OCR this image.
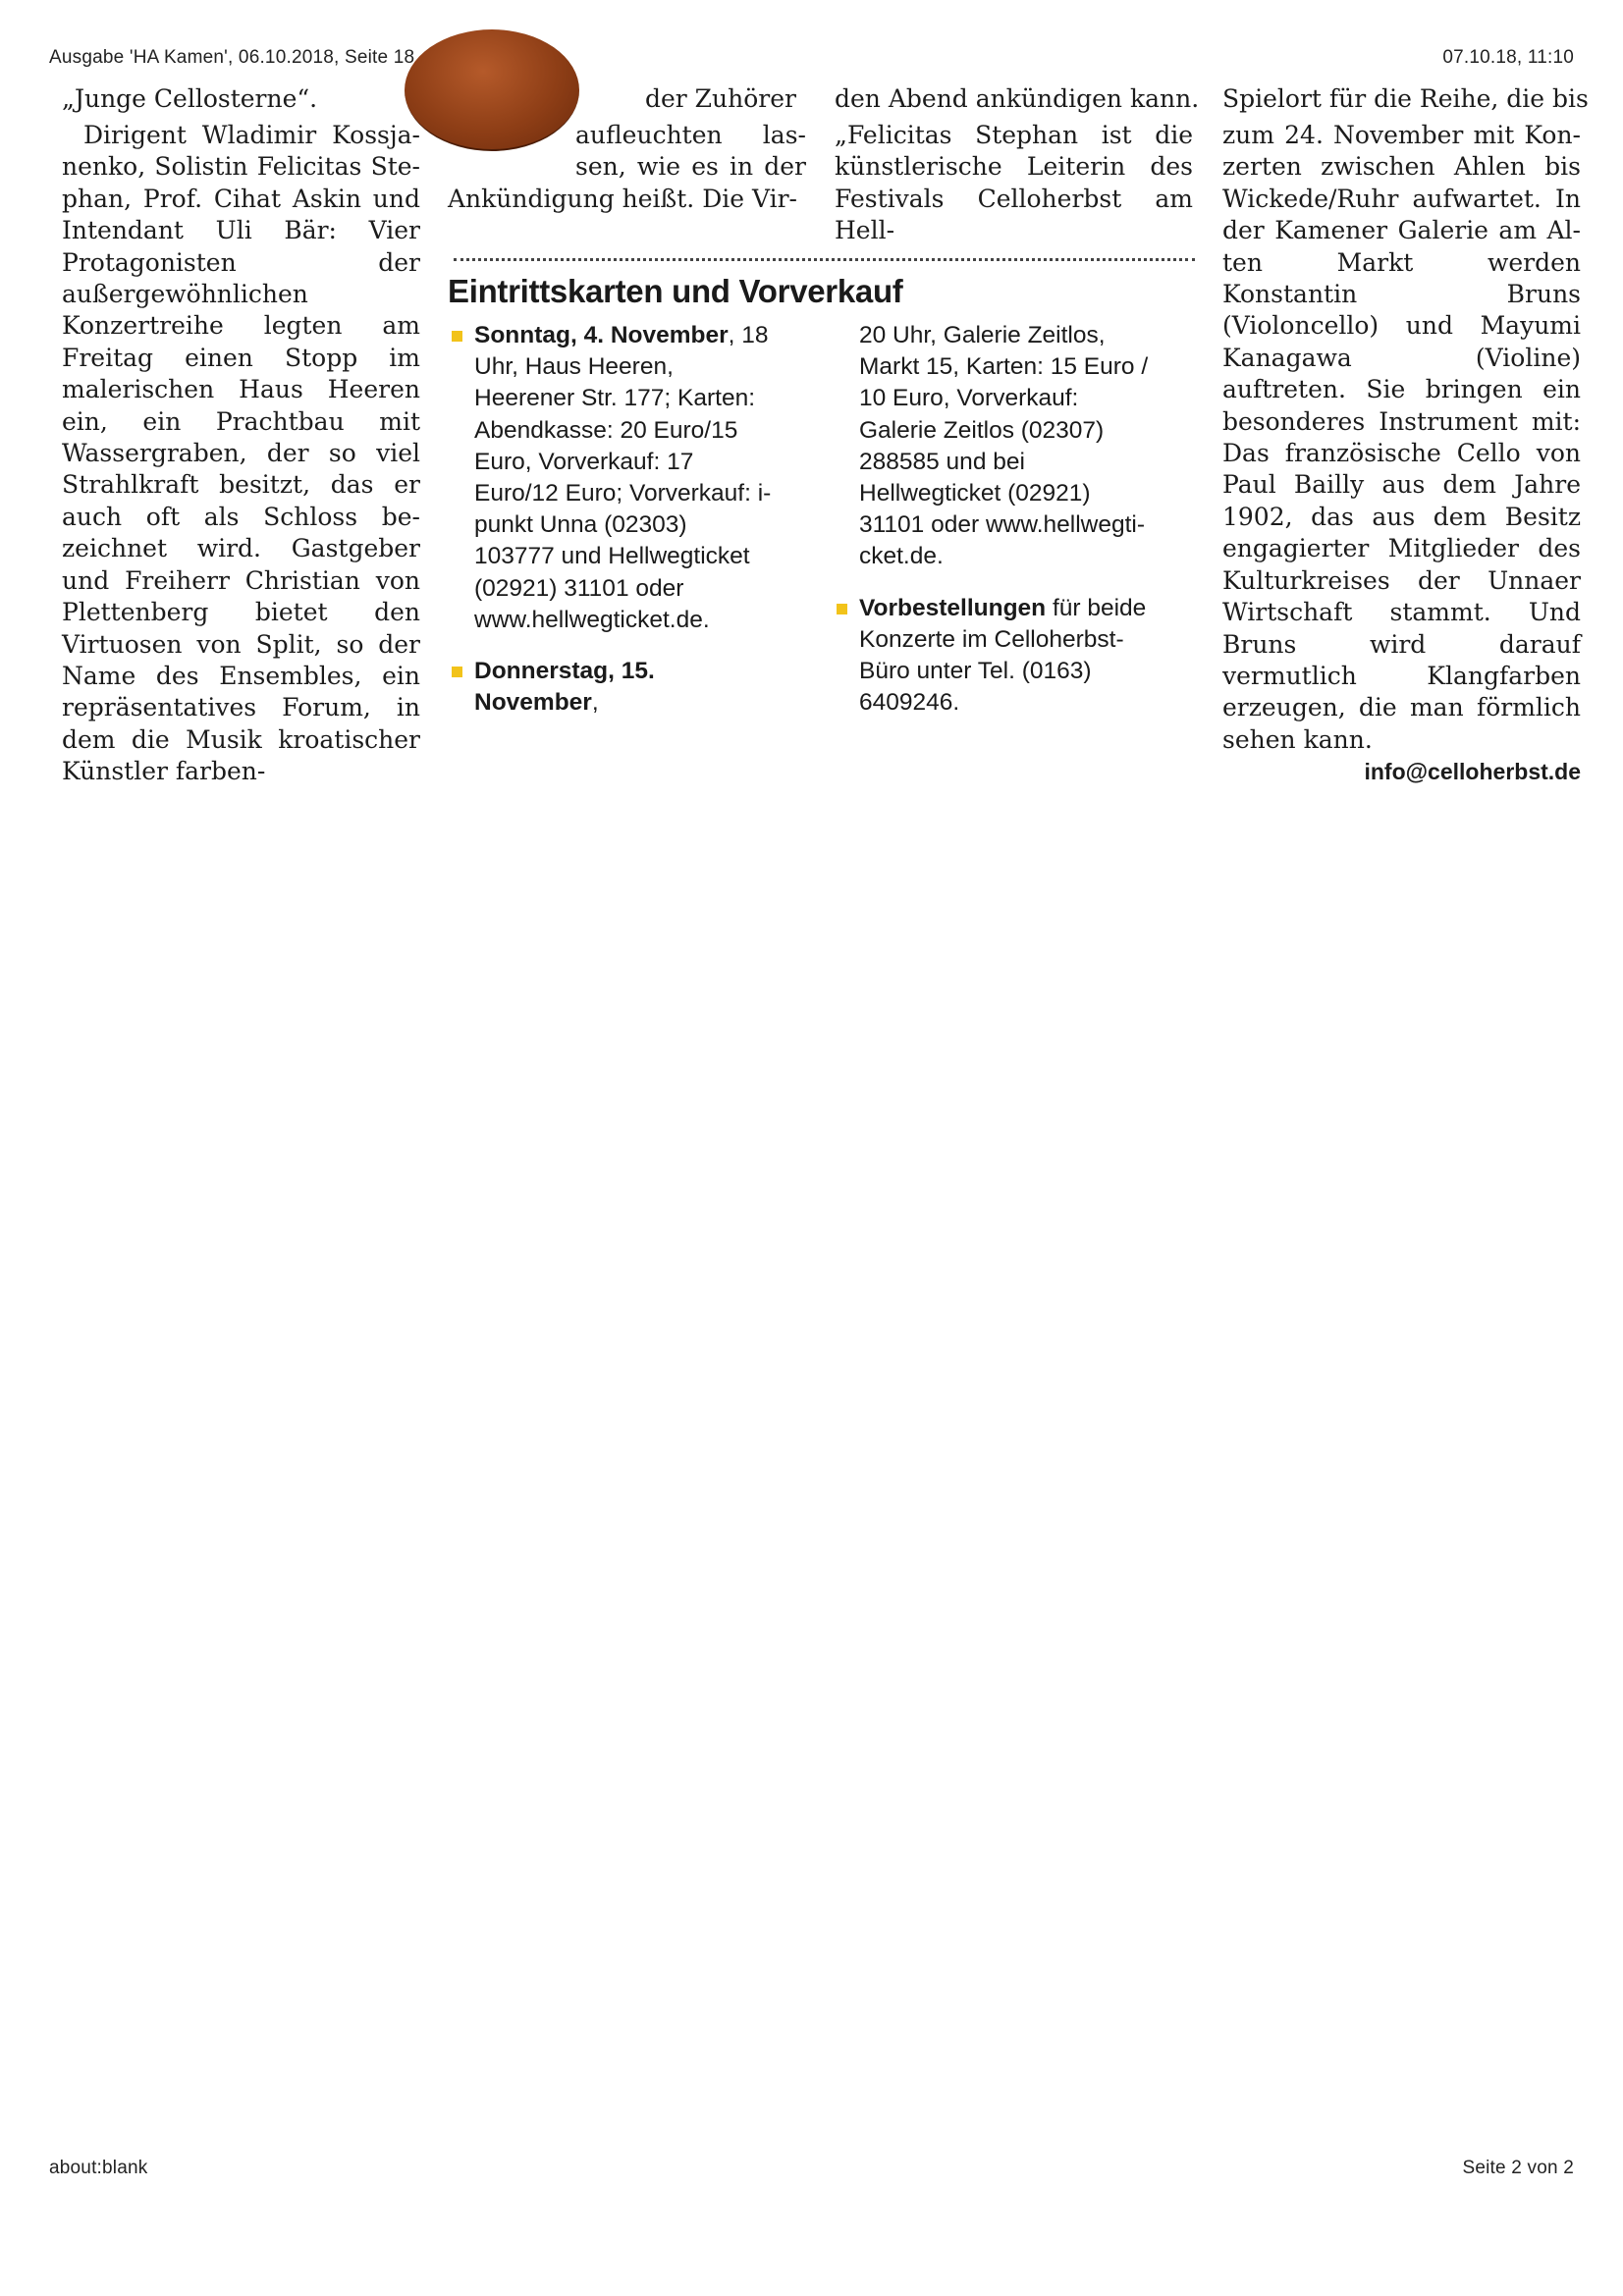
Ausgabe 'HA Kamen', 06.10.2018, Seite 18	07.10.18, 11:10
„Junge Cellosterne“.
Dirigent Wladimir Kossjanenko, Solistin Felicitas Stephan, Prof. Cihat Askin und Intendant Uli Bär: Vier Protagonisten der außergewöhnlichen Konzertreihe legten am Freitag einen Stopp im malerischen Haus Heeren ein, ein Prachtbau mit Wassergraben, der so viel Strahlkraft besitzt, das er auch oft als Schloss bezeichnet wird. Gastgeber und Freiherr Christian von Plettenberg bietet den Virtuosen von Split, so der Name des Ensembles, ein repräsentatives Forum, in dem die Musik kroatischer Künstler farben-
der Zuhörer
aufleuchten lassen, wie es in der Ankündigung heißt. Die Vir-
den Abend ankündigen kann.
„Felicitas Stephan ist die künstlerische Leiterin des Festivals Celloherbst am Hell-
Spielort für die Reihe, die bis
zum 24. November mit Konzerten zwischen Ahlen bis Wickede/Ruhr aufwartet. In der Kamener Galerie am Alten Markt werden Konstantin Bruns (Violoncello) und Mayumi Kanagawa (Violine) auftreten. Sie bringen ein besonderes Instrument mit: Das französische Cello von Paul Bailly aus dem Jahre 1902, das aus dem Besitz engagierter Mitglieder des Kulturkreises der Unnaer Wirtschaft stammt. Und Bruns wird darauf vermutlich Klangfarben erzeugen, die man förmlich sehen kann.
info@celloherbst.de
Eintrittskarten und Vorverkauf
Sonntag, 4. November, 18 Uhr, Haus Heeren, Heerener Str. 177; Karten: Abendkasse: 20 Euro/15 Euro, Vorverkauf: 17 Euro/12 Euro; Vorverkauf: i-punkt Unna (02303) 103777 und Hellwegticket (02921) 31101 oder www.hellwegticket.de.
Donnerstag, 15. November,
20 Uhr, Galerie Zeitlos, Markt 15, Karten: 15 Euro / 10 Euro, Vorverkauf: Galerie Zeitlos (02307) 288585 und bei Hellwegticket (02921) 31101 oder www.hellwegticket.de.
Vorbestellungen für beide Konzerte im Celloherbst-Büro unter Tel. (0163) 6409246.
about:blank	Seite 2 von 2
